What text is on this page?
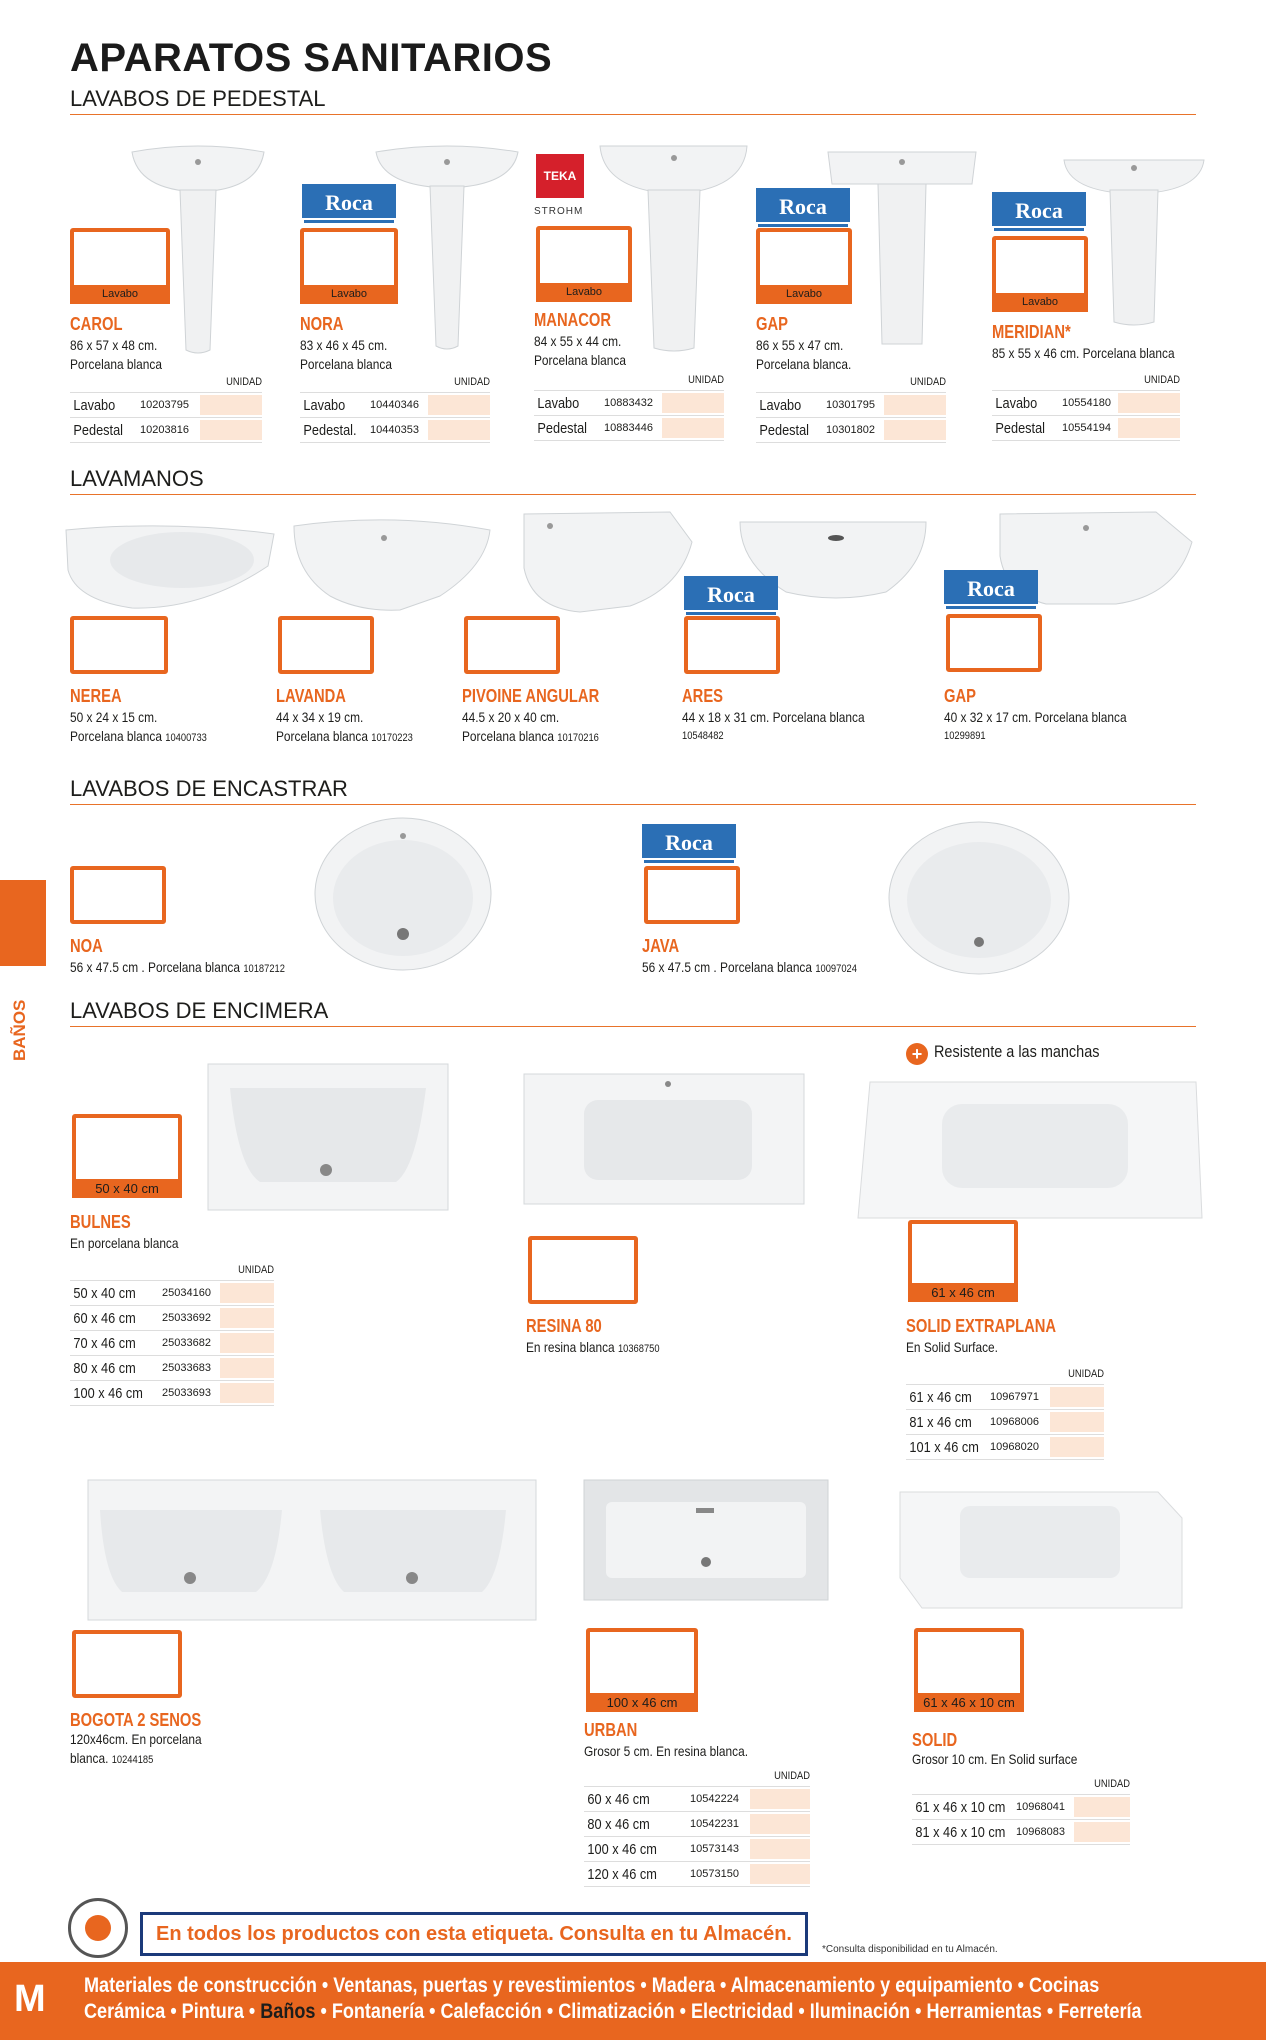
APARATOS SANITARIOS
BAÑOS
LAVABOS DE PEDESTAL
Roca
TEKA
STROHM	Roca	Roca
Lavabo
CAROL
86 x 57 x 48 cm.
Porcelana blanca
UNIDAD
Lavabo	10203795
Pedestal	10203816
Lavabo
NORA
83 x 46 x 45 cm.
Porcelana blanca
UNIDAD
Lavabo	10440346
Pedestal. 10440353
Lavabo
MANACOR
84 x 55 x 44 cm.
Porcelana blanca
UNIDAD
Lavabo	10883432
Pedestal	10883446
Lavabo
GAP
86 x 55 x 47 cm.
Porcelana blanca.
UNIDAD
Lavabo	10301795
Pedestal	10301802
Lavabo
MERIDIAN*
85 x 55 x 46 cm. Porcelana blanca
UNIDAD
Lavabo	10554180
Pedestal	10554194
LAVAMANOS
Roca	Roca
NEREA
50 x 24 x 15 cm.
Porcelana blanca 10400733
LAVANDA
44 x 34 x 19 cm.
Porcelana blanca 10170223
PIVOINE ANGULAR
44.5 x 20 x 40 cm.
Porcelana blanca 10170216
ARES
44 x 18 x 31 cm. Porcelana blanca
10548482
GAP
40 x 32 x 17 cm. Porcelana blanca
10299891
LAVABOS DE ENCASTRAR
Roca
NOA
56 x 47.5 cm . Porcelana blanca 10187212
JAVA
56 x 47.5 cm . Porcelana blanca 10097024
LAVABOS DE ENCIMERA
50 x 40 cm
BULNES
En porcelana blanca
UNIDAD
50 x 40 cm	25034160
60 x 46 cm	25033692
70 x 46 cm	25033682
80 x 46 cm	25033683
100 x 46 cm	25033693
RESINA 80
En resina blanca 10368750
+ Resistente a las manchas
61 x 46 cm
SOLID EXTRAPLANA
En Solid Surface.
UNIDAD
61 x 46 cm	10967971
81 x 46 cm	10968006
101 x 46 cm 10968020
BOGOTA 2 SENOS
120x46cm. En porcelana
blanca. 10244185
100 x 46 cm
URBAN
Grosor 5 cm. En resina blanca.
UNIDAD
60 x 46 cm	10542224
80 x 46 cm	10542231
100 x 46 cm	10573143
120 x 46 cm	10573150
61 x 46 x 10 cm
SOLID
Grosor 10 cm. En Solid surface
UNIDAD
61 x 46 x 10 cm 10968041
81 x 46 x 10 cm 10968083
En todos los productos con esta etiqueta. Consulta en tu Almacén.
*Consulta disponibilidad en tu Almacén.
M	Materiales de construcción • Ventanas, puertas y revestimientos • Madera • Almacenamiento y equipamiento • Cocinas
Cerámica • Pintura • Baños • Fontanería • Calefacción • Climatización • Electricidad • Iluminación • Herramientas • Ferretería
